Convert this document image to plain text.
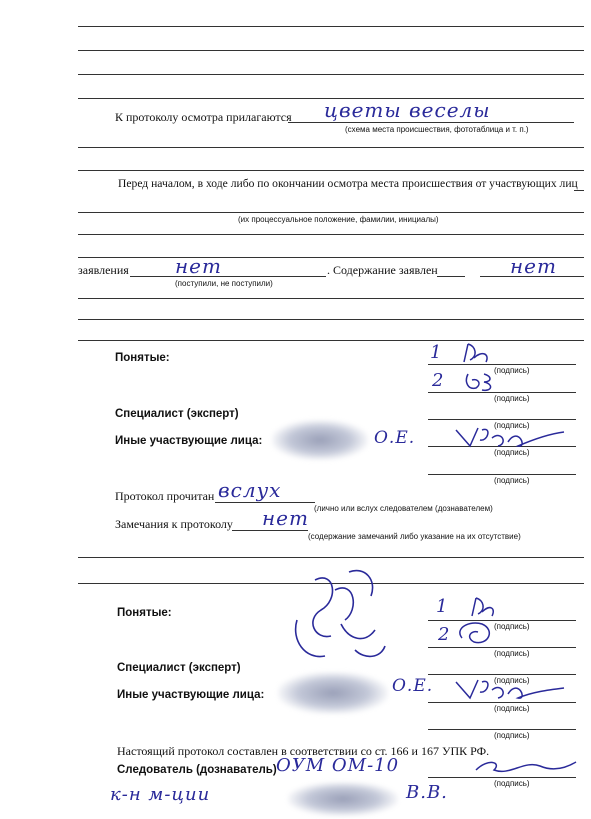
К протоколу осмотра прилагаются цветы веселы
(схема места происшествия, фототаблица и т. п.)
Перед началом, в ходе либо по окончании осмотра места происшествия от участвующих лиц
(их процессуальное положение, фамилии, инициалы)
заявления нет
(поступили, не поступили)
. Содержание заявлен	нет
Понятые:	1
(подпись)
2
(подпись)
Специалист (эксперт)
(подпись)
Иные участвующие лица:	О.Е.
(подпись)
(подпись)
Протокол прочитан вслух
(лично или вслух следователем (дознавателем)
Замечания к протоколу нет
(содержание замечаний либо указание на их отсутствие)
Понятые:	1
(подпись)
2
(подпись)
Специалист (эксперт)
(подпись)
Иные участвующие лица:	О.Е.
(подпись)
(подпись)
Настоящий протокол составлен в соответствии со ст. 166 и 167 УПК РФ.
Следователь (дознаватель) ОУМ ОМ-10
(подпись)
к-н м-ции	В.В.
